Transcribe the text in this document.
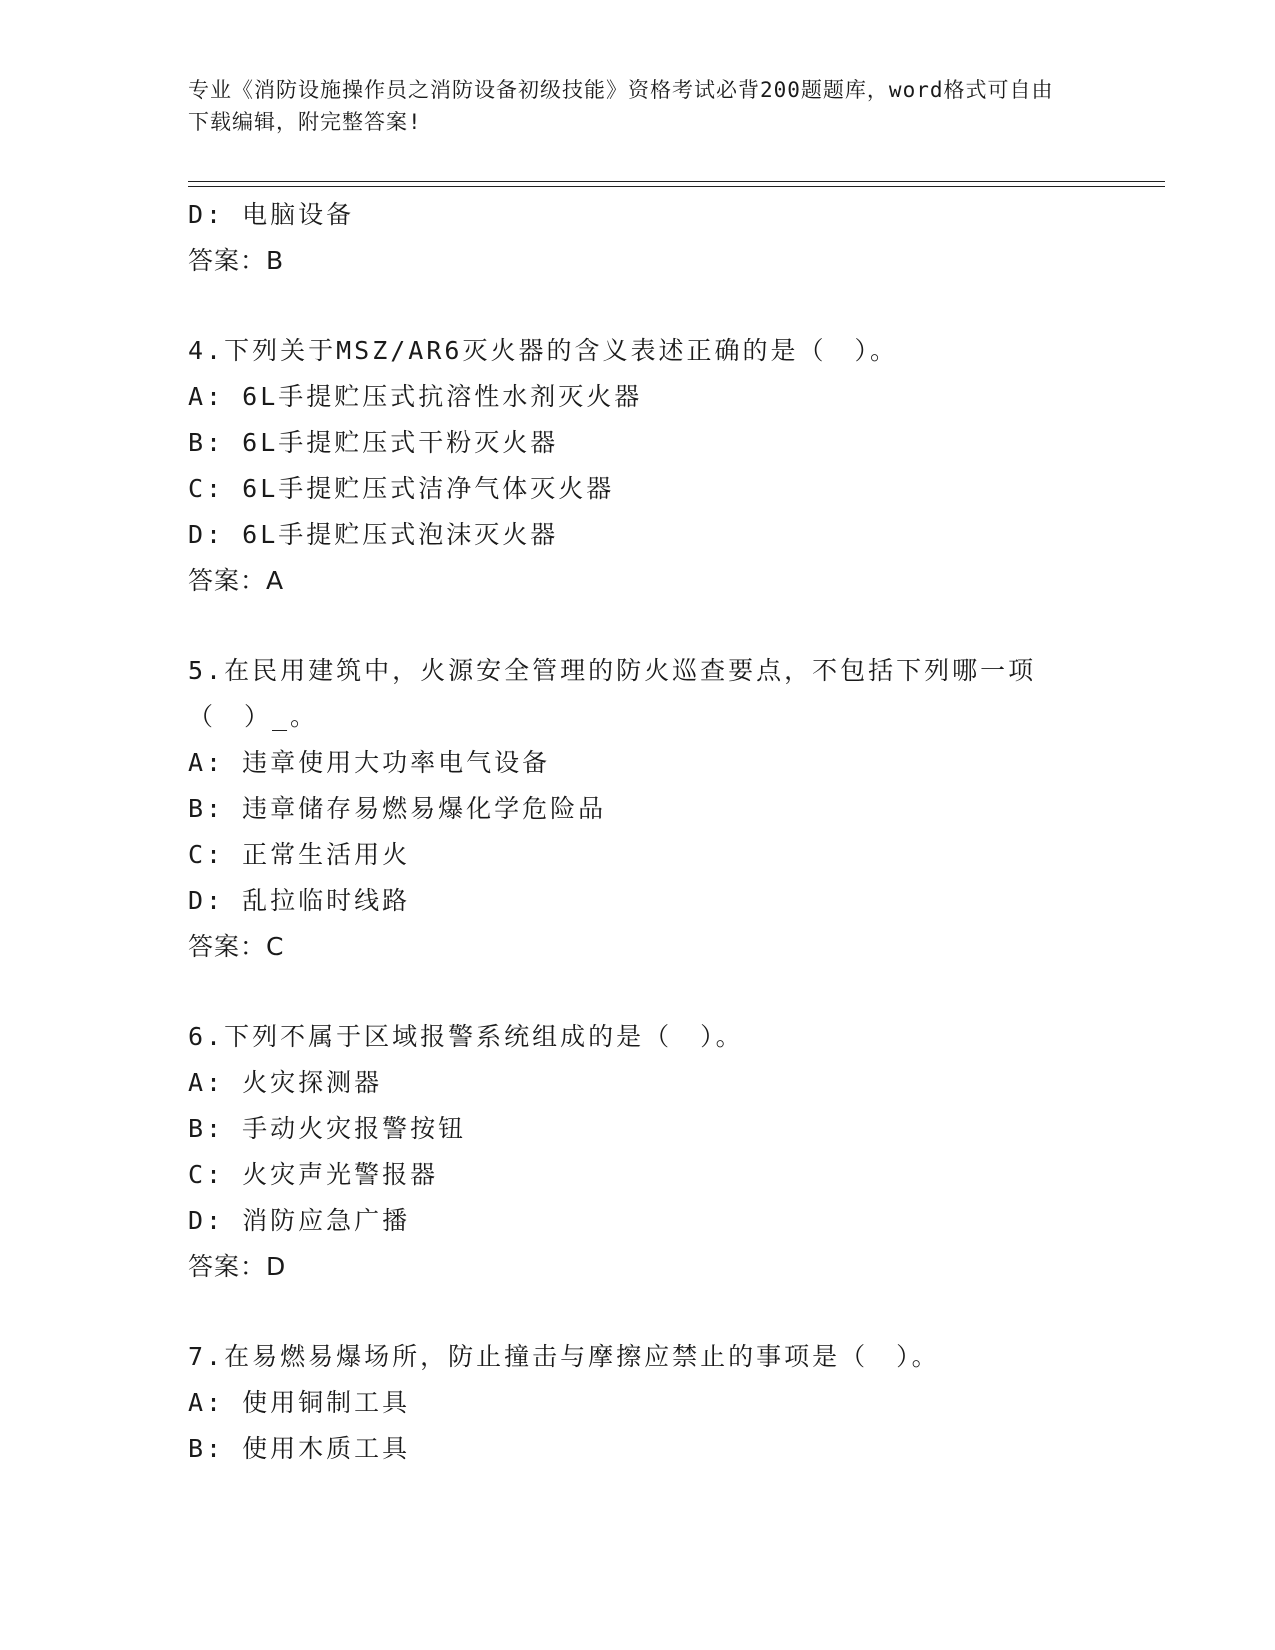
专业《消防设施操作员之消防设备初级技能》资格考试必背200题题库，word格式可自由下载编辑，附完整答案!
D: 电脑设备
答案：B
4.下列关于MSZ/AR6灭火器的含义表述正确的是（　）。
A: 6L手提贮压式抗溶性水剂灭火器
B: 6L手提贮压式干粉灭火器
C: 6L手提贮压式洁净气体灭火器
D: 6L手提贮压式泡沫灭火器
答案：A
5.在民用建筑中，火源安全管理的防火巡查要点，不包括下列哪一项
（　）_。
A: 违章使用大功率电气设备
B: 违章储存易燃易爆化学危险品
C: 正常生活用火
D: 乱拉临时线路
答案：C
6.下列不属于区域报警系统组成的是（　）。
A: 火灾探测器
B: 手动火灾报警按钮
C: 火灾声光警报器
D: 消防应急广播
答案：D
7.在易燃易爆场所，防止撞击与摩擦应禁止的事项是（　）。
A: 使用铜制工具
B: 使用木质工具
